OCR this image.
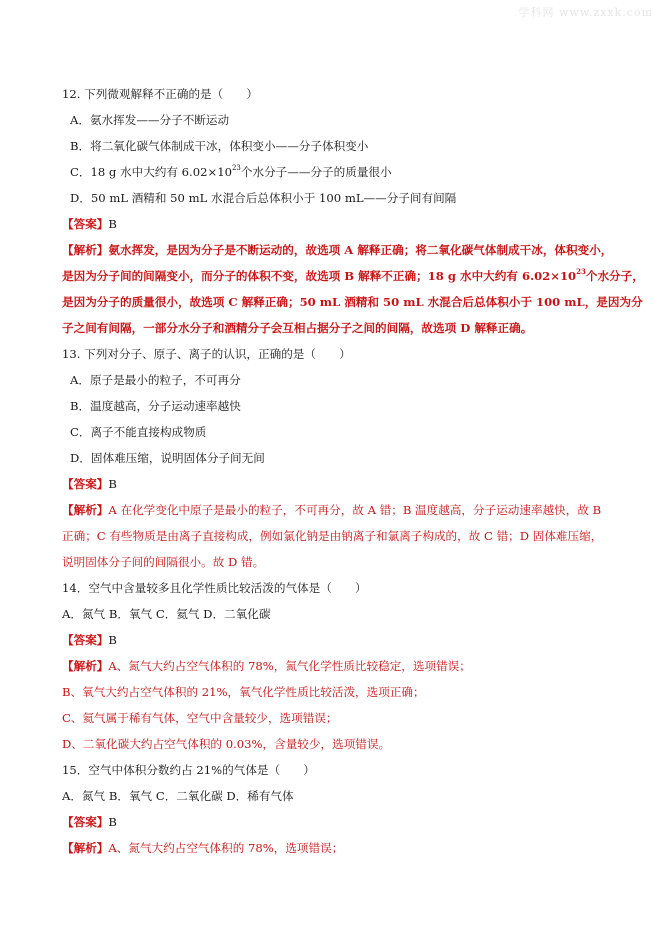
学科网 www.zxxk.com
12. 下列微观解释不正确的是（　　）
A．氨水挥发——分子不断运动
B．将二氧化碳气体制成干冰，体积变小——分子体积变小
C．18 g 水中大约有 $6.02\times 10^{23}$个水分子——分子的质量很小
D．50 mL 酒精和 50 mL 水混合后总体积小于 100 mL——分子间有间隔
【答案】B
【解析】氨水挥发，是因为分子是不断运动的，故选项 A 解释正确；将二氧化碳气体制成干冰，体积变小，
是因为分子间的间隔变小，而分子的体积不变，故选项 B 解释不正确；18 g 水中大约有 $6.02\times 10^{23}$个水分子，
是因为分子的质量很小，故选项 C 解释正确；50 mL 酒精和 50 mL 水混合后总体积小于 100 mL，是因为分
子之间有间隔，一部分水分子和酒精分子会互相占据分子之间的间隔，故选项 D 解释正确。
13. 下列对分子、原子、离子的认识，正确的是（　　）
A．原子是最小的粒子，不可再分
B．温度越高，分子运动速率越快
C．离子不能直接构成物质
D．固体难压缩，说明固体分子间无间
【答案】B
【解析】A 在化学变化中原子是最小的粒子，不可再分，故 A 错；B 温度越高，分子运动速率越快，故 B
正确；C 有些物质是由离子直接构成，例如氯化钠是由钠离子和氯离子构成的，故 C 错；D 固体难压缩，
说明固体分子间的间隔很小。故 D 错。
14．空气中含量较多且化学性质比较活泼的气体是（　　）
A．氮气 B．氧气 C．氦气 D．二氧化碳
【答案】B
【解析】A、氮气大约占空气体积的 78%，氮气化学性质比较稳定，选项错误；
B、氧气大约占空气体积的 21%，氧气化学性质比较活泼，选项正确；
C、氦气属于稀有气体，空气中含量较少，选项错误；
D、二氧化碳大约占空气体积的 0.03%，含量较少，选项错误。
15．空气中体积分数约占 21%的气体是（　　）
A．氮气 B．氧气 C．二氧化碳 D．稀有气体
【答案】B
【解析】A、氮气大约占空气体积的 78%，选项错误；
